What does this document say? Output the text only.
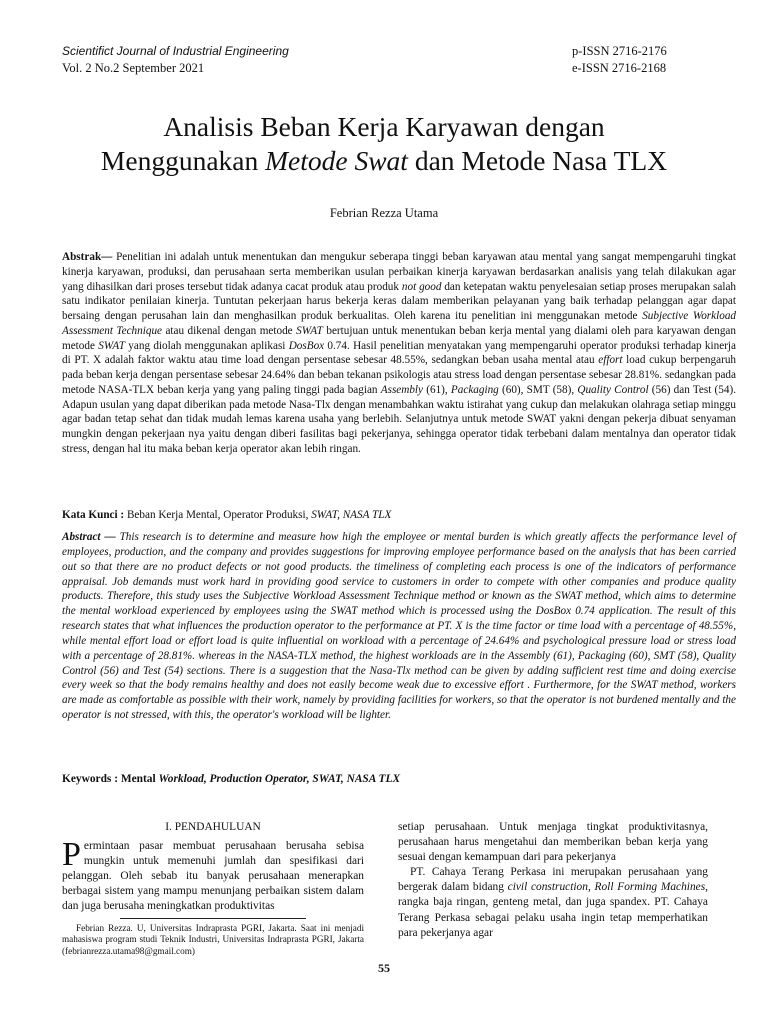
Scientifict Journal of Industrial Engineering
Vol. 2 No.2 September 2021
p-ISSN 2716-2176
e-ISSN 2716-2168
Analisis Beban Kerja Karyawan dengan
Menggunakan Metode Swat dan Metode Nasa TLX
Febrian Rezza Utama
Abstrak— Penelitian ini adalah untuk menentukan dan mengukur seberapa tinggi beban karyawan atau mental yang sangat mempengaruhi tingkat kinerja karyawan, produksi, dan perusahaan serta memberikan usulan perbaikan kinerja karyawan berdasarkan analisis yang telah dilakukan agar yang dihasilkan dari proses tersebut tidak adanya cacat produk atau produk not good dan ketepatan waktu penyelesaian setiap proses merupakan salah satu indikator penilaian kinerja. Tuntutan pekerjaan harus bekerja keras dalam memberikan pelayanan yang baik terhadap pelanggan agar dapat bersaing dengan perusahan lain dan menghasilkan produk berkualitas. Oleh karena itu penelitian ini menggunakan metode Subjective Workload Assessment Technique atau dikenal dengan metode SWAT bertujuan untuk menentukan beban kerja mental yang dialami oleh para karyawan dengan metode SWAT yang diolah menggunakan aplikasi DosBox 0.74. Hasil penelitian menyatakan yang mempengaruhi operator produksi terhadap kinerja di PT. X adalah faktor waktu atau time load dengan persentase sebesar 48.55%, sedangkan beban usaha mental atau effort load cukup berpengaruh pada beban kerja dengan persentase sebesar 24.64% dan beban tekanan psikologis atau stress load dengan persentase sebesar 28.81%. sedangkan pada metode NASA-TLX beban kerja yang yang paling tinggi pada bagian Assembly (61), Packaging (60), SMT (58), Quality Control (56) dan Test (54). Adapun usulan yang dapat diberikan pada metode Nasa-Tlx dengan menambahkan waktu istirahat yang cukup dan melakukan olahraga setiap minggu agar badan tetap sehat dan tidak mudah lemas karena usaha yang berlebih. Selanjutnya untuk metode SWAT yakni dengan pekerja dibuat senyaman mungkin dengan pekerjaan nya yaitu dengan diberi fasilitas bagi pekerjanya, sehingga operator tidak terbebani dalam mentalnya dan operator tidak stress, dengan hal itu maka beban kerja operator akan lebih ringan.
Kata Kunci : Beban Kerja Mental, Operator Produksi, SWAT, NASA TLX
Abstract — This research is to determine and measure how high the employee or mental burden is which greatly affects the performance level of employees, production, and the company and provides suggestions for improving employee performance based on the analysis that has been carried out so that there are no product defects or not good products. the timeliness of completing each process is one of the indicators of performance appraisal. Job demands must work hard in providing good service to customers in order to compete with other companies and produce quality products. Therefore, this study uses the Subjective Workload Assessment Technique method or known as the SWAT method, which aims to determine the mental workload experienced by employees using the SWAT method which is processed using the DosBox 0.74 application. The result of this research states that what influences the production operator to the performance at PT. X is the time factor or time load with a percentage of 48.55%, while mental effort load or effort load is quite influential on workload with a percentage of 24.64% and psychological pressure load or stress load with a percentage of 28.81%. whereas in the NASA-TLX method, the highest workloads are in the Assembly (61), Packaging (60), SMT (58), Quality Control (56) and Test (54) sections. There is a suggestion that the Nasa-Tlx method can be given by adding sufficient rest time and doing exercise every week so that the body remains healthy and does not easily become weak due to excessive effort . Furthermore, for the SWAT method, workers are made as comfortable as possible with their work, namely by providing facilities for workers, so that the operator is not burdened mentally and the operator is not stressed, with this, the operator's workload will be lighter.
Keywords : Mental Workload, Production Operator, SWAT, NASA TLX
I. PENDAHULUAN

Permintaan pasar membuat perusahaan berusaha sebisa mungkin untuk memenuhi jumlah dan spesifikasi dari pelanggan. Oleh sebab itu banyak perusahaan menerapkan berbagai sistem yang mampu menunjang perbaikan sistem dalam dan juga berusaha meningkatkan produktivitas

setiap perusahaan. Untuk menjaga tingkat produktivitasnya, perusahaan harus mengetahui dan memberikan beban kerja yang sesuai dengan kemampuan dari para pekerjanya

PT. Cahaya Terang Perkasa ini merupakan perusahaan yang bergerak dalam bidang civil construction, Roll Forming Machines, rangka baja ringan, genteng metal, dan juga spandex. PT. Cahaya Terang Perkasa sebagai pelaku usaha ingin tetap memperhatikan para pekerjanya agar

Febrian Rezza. U, Universitas Indraprasta PGRI, Jakarta. Saat ini menjadi mahasiswa program studi Teknik Industri, Universitas Indraprasta PGRI, Jakarta (febrianrezza.utama98@gmail.com)
55
